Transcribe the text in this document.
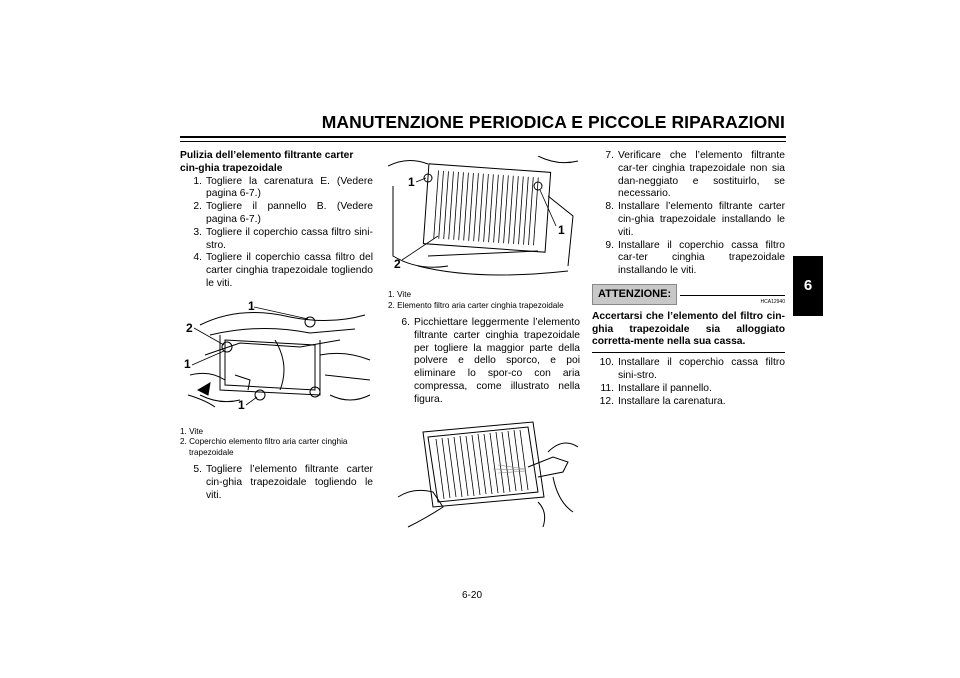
MANUTENZIONE PERIODICA E PICCOLE RIPARAZIONI
6
Pulizia dell’elemento filtrante carter cin-ghia trapezoidale
1. Togliere la carenatura E. (Vedere pagina 6-7.)
2. Togliere il pannello B. (Vedere pagina 6-7.)
3. Togliere il coperchio cassa filtro sini-stro.
4. Togliere il coperchio cassa filtro del carter cinghia trapezoidale togliendo le viti.
1
2
1
1
1. Vite
2. Coperchio elemento filtro aria carter cinghia trapezoidale
5. Togliere l’elemento filtrante carter cin-ghia trapezoidale togliendo le viti.
1
1
2
1. Vite
2. Elemento filtro aria carter cinghia trapezoidale
6. Picchiettare leggermente l’elemento filtrante carter cinghia trapezoidale per togliere la maggior parte della polvere e dello sporco, e poi eliminare lo spor-co con aria compressa, come illustrato nella figura.
7. Verificare che l’elemento filtrante car-ter cinghia trapezoidale non sia dan-neggiato e sostituirlo, se necessario.
8. Installare l’elemento filtrante carter cin-ghia trapezoidale installando le viti.
9. Installare il coperchio cassa filtro car-ter cinghia trapezoidale installando le viti.
ATTENZIONE:
HCA12940
Accertarsi che l’elemento del filtro cin-ghia trapezoidale sia alloggiato corretta-mente nella sua cassa.
10. Installare il coperchio cassa filtro sini-stro.
11. Installare il pannello.
12. Installare la carenatura.
6-20
